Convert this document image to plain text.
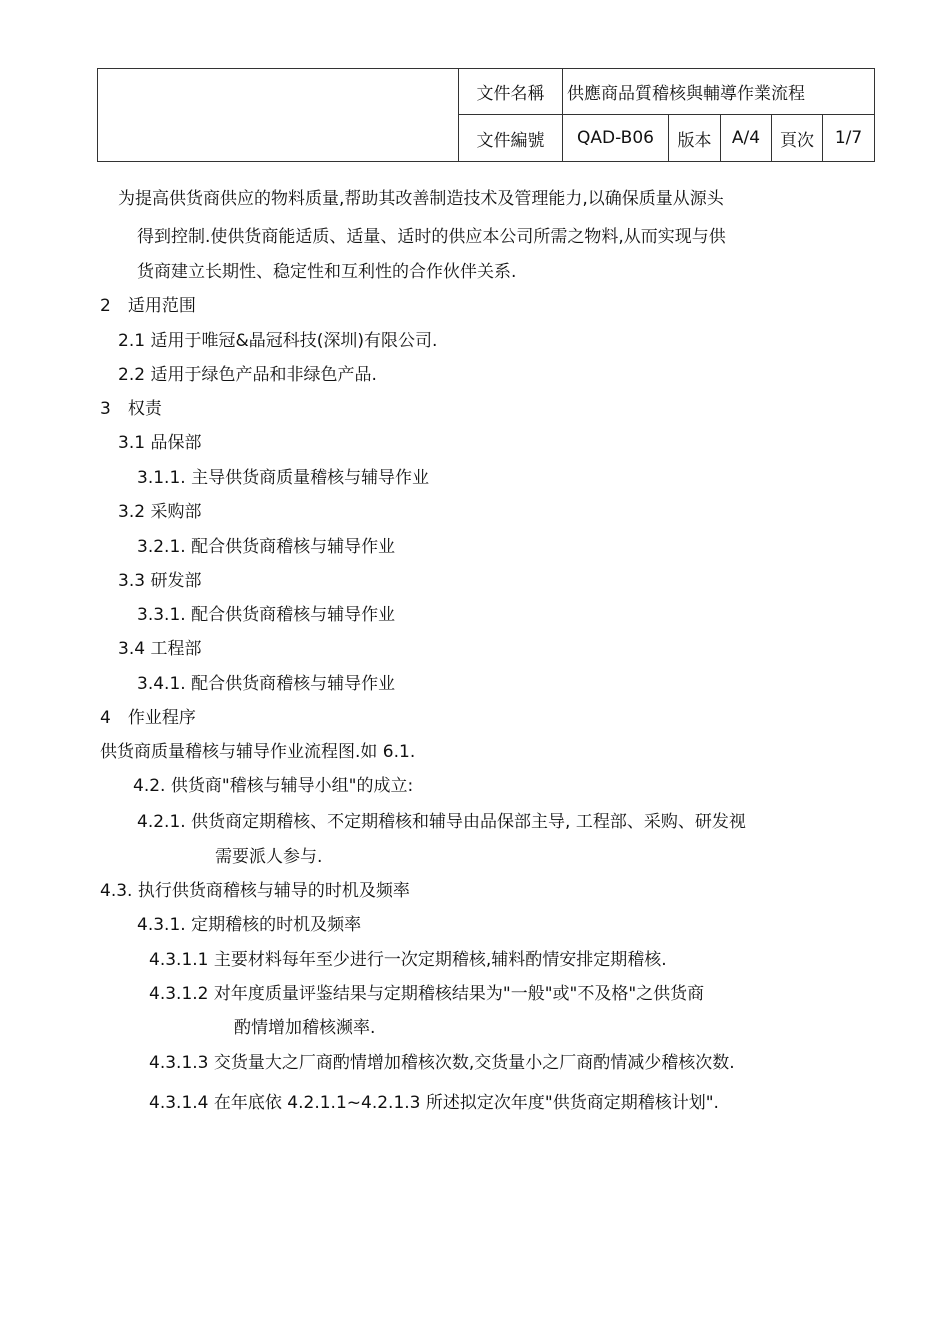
	文件名稱	供應商品質稽核與輔導作業流程				
	文件編號	QAD-B06	版本	A/4	頁次	1/7
为提高供货商供应的物料质量,帮助其改善制造技术及管理能力,以确保质量从源头
得到控制.使供货商能适质、适量、适时的供应本公司所需之物料,从而实现与供
货商建立长期性、稳定性和互利性的合作伙伴关系.
2　适用范围
2.1 适用于唯冠&晶冠科技(深圳)有限公司.
2.2 适用于绿色产品和非绿色产品.
3　权责
3.1 品保部
3.1.1. 主导供货商质量稽核与辅导作业
3.2 采购部
3.2.1. 配合供货商稽核与辅导作业
3.3 研发部
3.3.1. 配合供货商稽核与辅导作业
3.4 工程部
3.4.1. 配合供货商稽核与辅导作业
4　作业程序
供货商质量稽核与辅导作业流程图.如 6.1.
4.2. 供货商"稽核与辅导小组"的成立:
4.2.1. 供货商定期稽核、不定期稽核和辅导由品保部主导, 工程部、采购、研发视
需要派人参与.
4.3. 执行供货商稽核与辅导的时机及频率
4.3.1. 定期稽核的时机及频率
4.3.1.1 主要材料每年至少进行一次定期稽核,辅料酌情安排定期稽核.
4.3.1.2 对年度质量评鉴结果与定期稽核结果为"一般"或"不及格"之供货商
酌情增加稽核濒率.
4.3.1.3 交货量大之厂商酌情增加稽核次数,交货量小之厂商酌情减少稽核次数.
4.3.1.4 在年底依 4.2.1.1~4.2.1.3 所述拟定次年度"供货商定期稽核计划".
